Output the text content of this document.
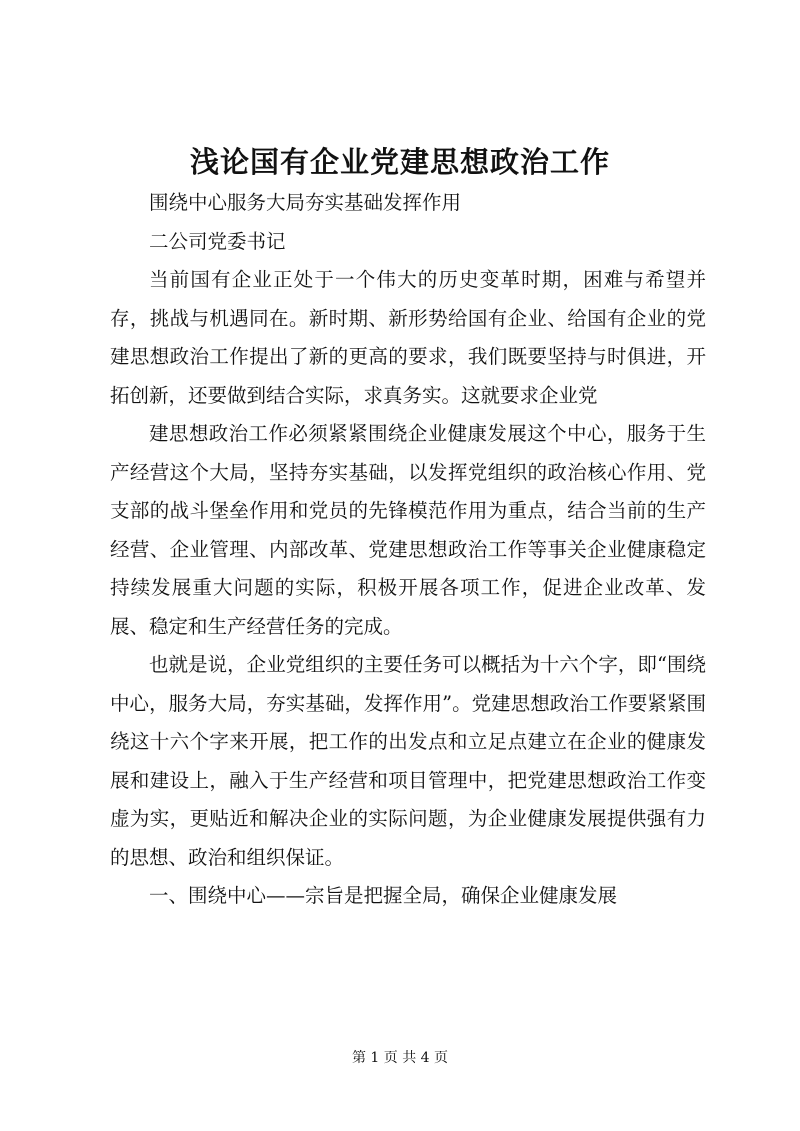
浅论国有企业党建思想政治工作

围绕中心服务大局夯实基础发挥作用

二公司党委书记

当前国有企业正处于一个伟大的历史变革时期，困难与希望并存，挑战与机遇同在。新时期、新形势给国有企业、给国有企业的党建思想政治工作提出了新的更高的要求，我们既要坚持与时俱进，开拓创新，还要做到结合实际，求真务实。这就要求企业党

建思想政治工作必须紧紧围绕企业健康发展这个中心，服务于生产经营这个大局，坚持夯实基础，以发挥党组织的政治核心作用、党支部的战斗堡垒作用和党员的先锋模范作用为重点，结合当前的生产经营、企业管理、内部改革、党建思想政治工作等事关企业健康稳定持续发展重大问题的实际，积极开展各项工作，促进企业改革、发展、稳定和生产经营任务的完成。

也就是说，企业党组织的主要任务可以概括为十六个字，即“围绕中心，服务大局，夯实基础，发挥作用”。党建思想政治工作要紧紧围绕这十六个字来开展，把工作的出发点和立足点建立在企业的健康发展和建设上，融入于生产经营和项目管理中，把党建思想政治工作变虚为实，更贴近和解决企业的实际问题，为企业健康发展提供强有力的思想、政治和组织保证。

一、围绕中心——宗旨是把握全局，确保企业健康发展

第 1 页 共 4 页
